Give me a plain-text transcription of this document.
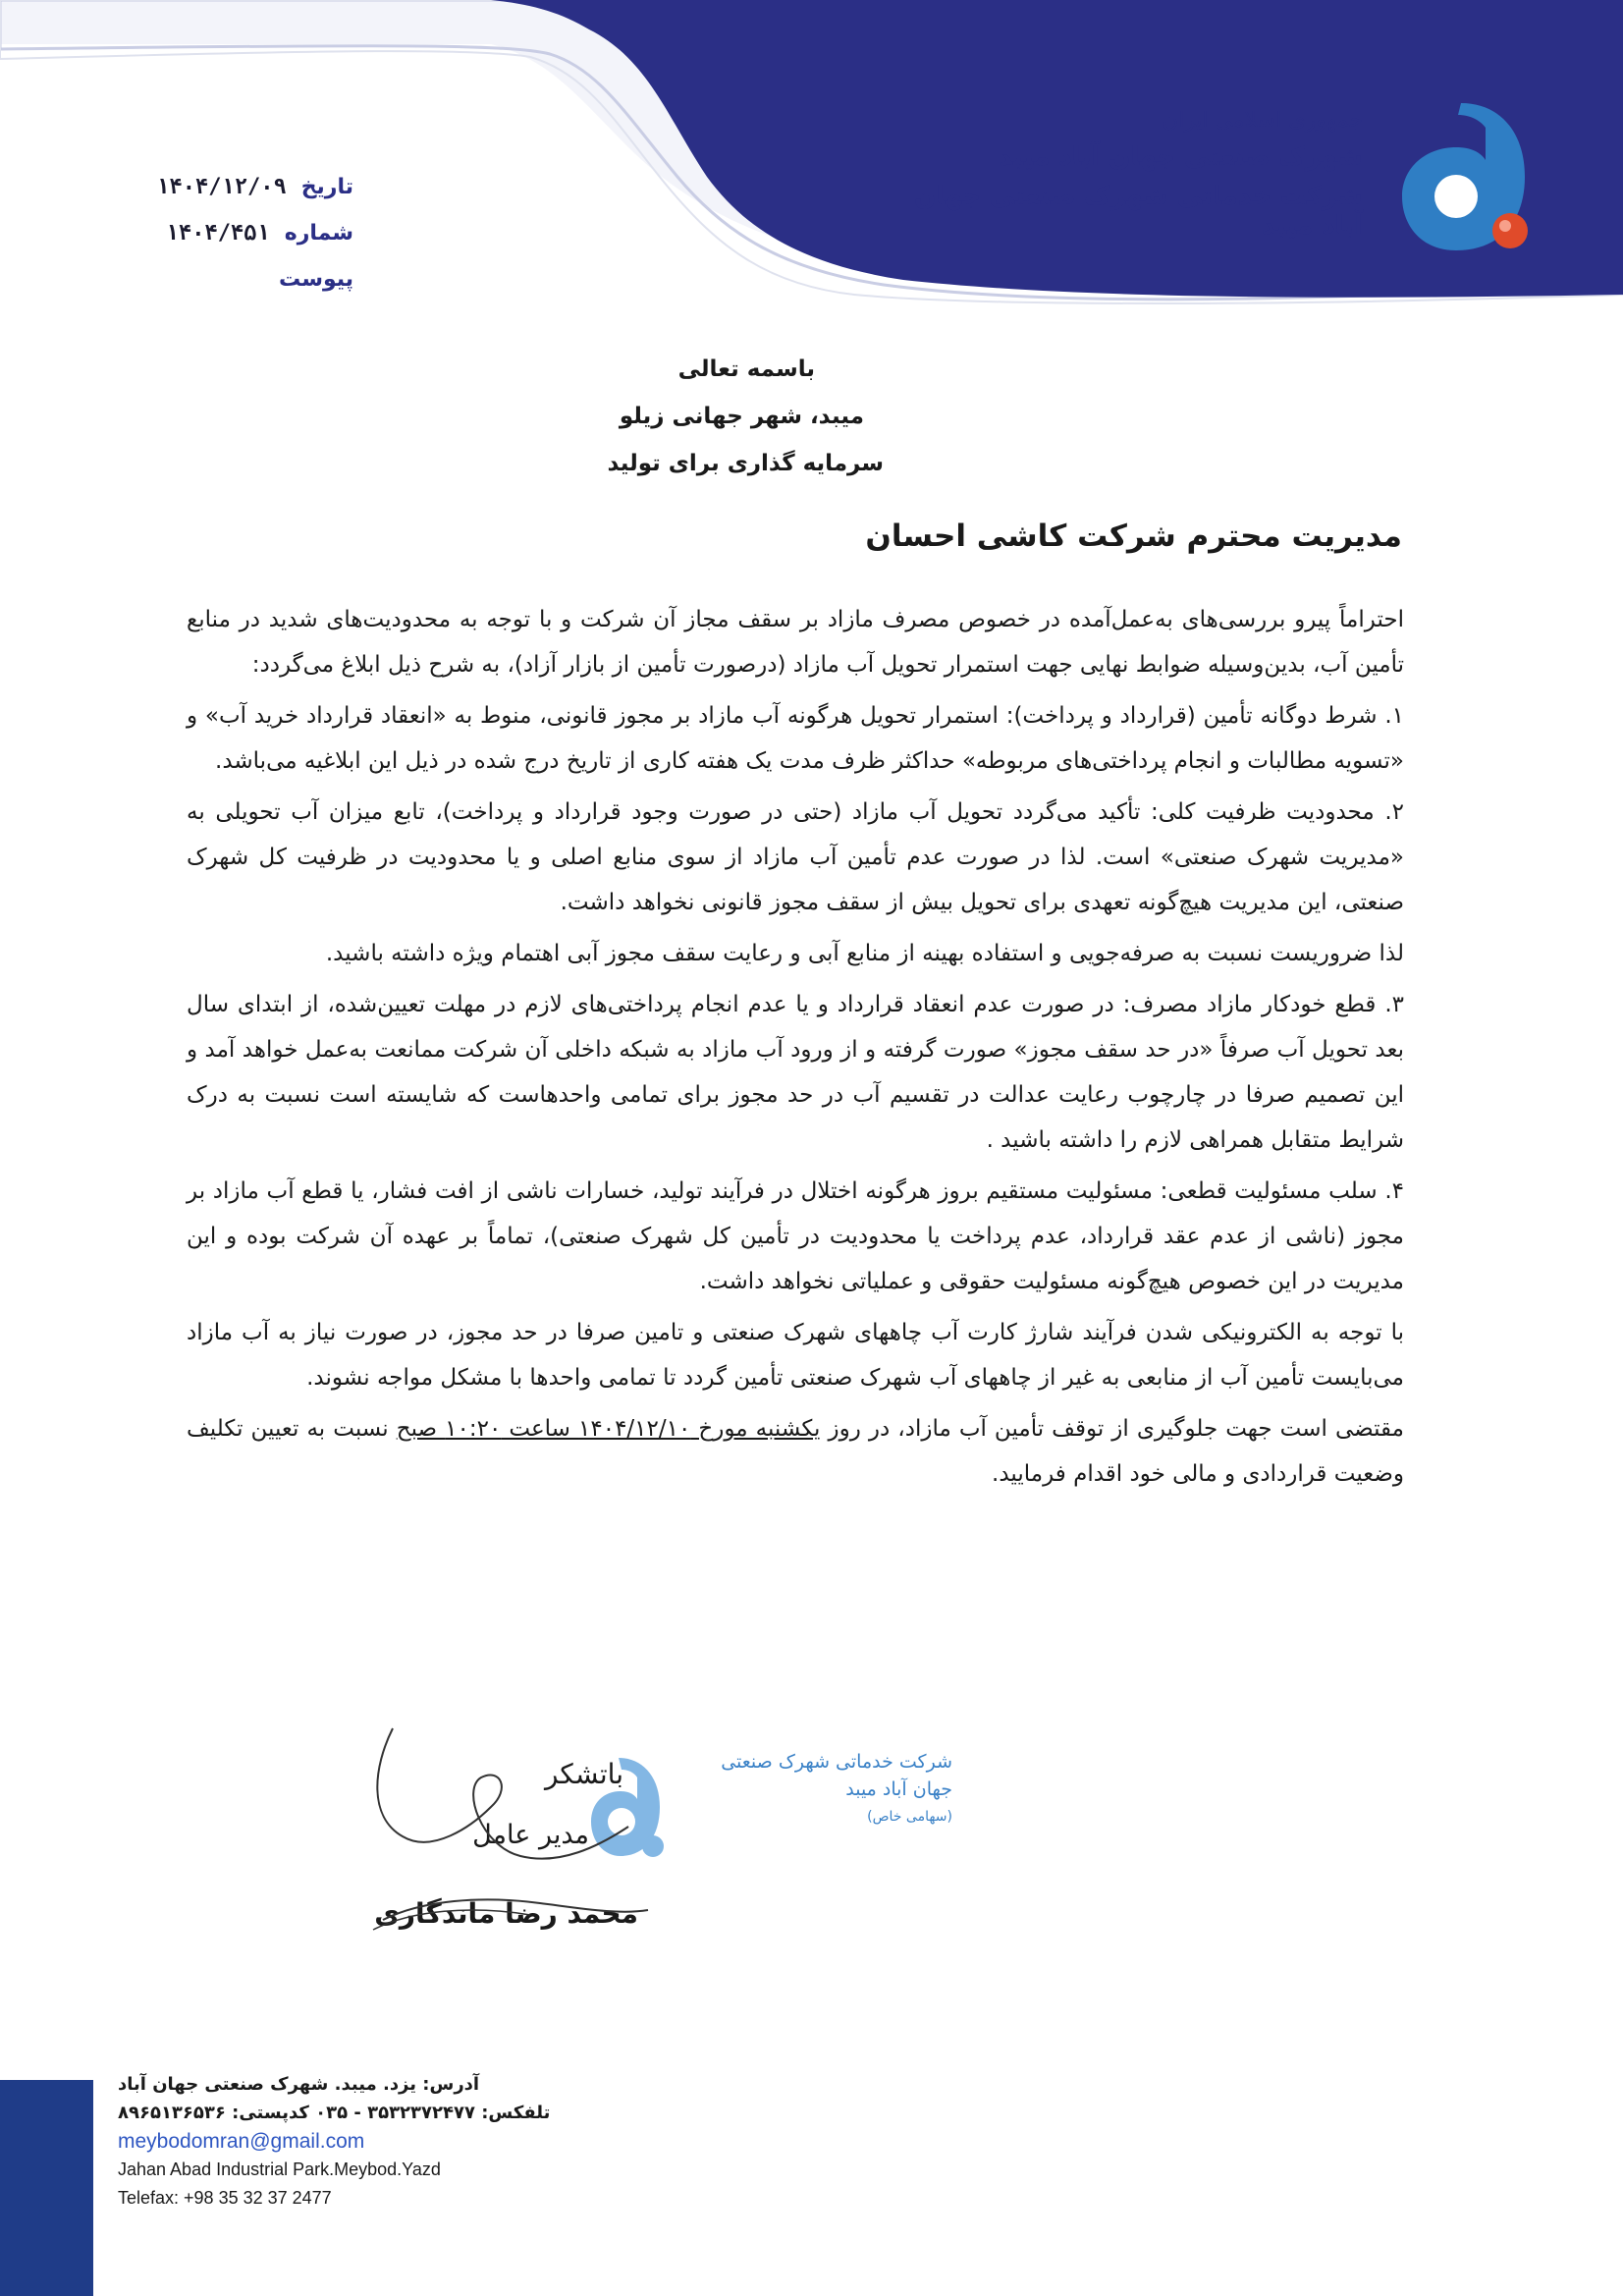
جمهوری اسلامی ایران
شهرک صنعتی جهان آباد میبد
شرکت خدماتی شهرک صنعتی جهان آباد میبد
تاریخ ۱۴۰۴/۱۲/۰۹
شماره ۱۴۰۴/۴۵۱
پیوست
باسمه تعالی
میبد، شهر جهانی زیلو
سرمایه گذاری برای تولید
مدیریت محترم شرکت کاشی احسان

احتراماً پیرو بررسی‌های به‌عمل‌آمده در خصوص مصرف مازاد بر سقف مجاز آن شرکت و با توجه به محدودیت‌های شدید در منابع تأمین آب، بدین‌وسیله ضوابط نهایی جهت استمرار تحویل آب مازاد (درصورت تأمین از بازار آزاد)، به شرح ذیل ابلاغ می‌گردد:

۱. شرط دوگانه تأمین (قرارداد و پرداخت): استمرار تحویل هرگونه آب مازاد بر مجوز قانونی، منوط به «انعقاد قرارداد خرید آب» و «تسویه مطالبات و انجام پرداختی‌های مربوطه» حداکثر ظرف مدت یک هفته کاری از تاریخ درج شده در ذیل این ابلاغیه می‌باشد.

۲. محدودیت ظرفیت کلی: تأکید می‌گردد تحویل آب مازاد (حتی در صورت وجود قرارداد و پرداخت)، تابع میزان آب تحویلی به «مدیریت شهرک صنعتی» است. لذا در صورت عدم تأمین آب مازاد از سوی منابع اصلی و یا محدودیت در ظرفیت کل شهرک صنعتی، این مدیریت هیچ‌گونه تعهدی برای تحویل بیش از سقف مجوز قانونی نخواهد داشت.

لذا ضروریست نسبت به صرفه‌جویی و استفاده بهینه از منابع آبی و رعایت سقف مجوز آبی اهتمام ویژه داشته باشید.

۳. قطع خودکار مازاد مصرف: در صورت عدم انعقاد قرارداد و یا عدم انجام پرداختی‌های لازم در مهلت تعیین‌شده، از ابتدای سال بعد تحویل آب صرفاً «در حد سقف مجوز» صورت گرفته و از ورود آب مازاد به شبکه داخلی آن شرکت ممانعت به‌عمل خواهد آمد و این تصمیم صرفا در چارچوب رعایت عدالت در تقسیم آب در حد مجوز برای تمامی واحدهاست که شایسته است نسبت به درک شرایط متقابل همراهی لازم را داشته باشید .

۴. سلب مسئولیت قطعی: مسئولیت مستقیم بروز هرگونه اختلال در فرآیند تولید، خسارات ناشی از افت فشار، یا قطع آب مازاد بر مجوز (ناشی از عدم عقد قرارداد، عدم پرداخت یا محدودیت در تأمین کل شهرک صنعتی)، تماماً بر عهده آن شرکت بوده و این مدیریت در این خصوص هیچ‌گونه مسئولیت حقوقی و عملیاتی نخواهد داشت.

با توجه به الکترونیکی شدن فرآیند شارژ کارت آب چاههای شهرک صنعتی و تامین صرفا در حد مجوز، در صورت نیاز به آب مازاد می‌بایست تأمین آب از منابعی به غیر از چاههای آب شهرک صنعتی تأمین گردد تا تمامی واحدها با مشکل مواجه نشوند.

مقتضی است جهت جلوگیری از توقف تأمین آب مازاد، در روز یکشنبه مورخ ۱۴۰۴/۱۲/۱۰ ساعت ۱۰:۲۰ صبح نسبت به تعیین تکلیف وضعیت قراردادی و مالی خود اقدام فرمایید.

شرکت خدماتی شهرک صنعتی
جهان آباد میبد
(سهامی خاص)
باتشکر
مدیر عامل
محمد رضا ماندگاری
آدرس: یزد. میبد. شهرک صنعتی جهان آباد
تلفکس: ۳۵۳۲۳۷۲۴۷۷ - ۰۳۵ کدپستی: ۸۹۶۵۱۳۶۵۳۶
meybodomran@gmail.com
Jahan Abad Industrial Park.Meybod.Yazd
Telefax: +98 35 32 37 2477
